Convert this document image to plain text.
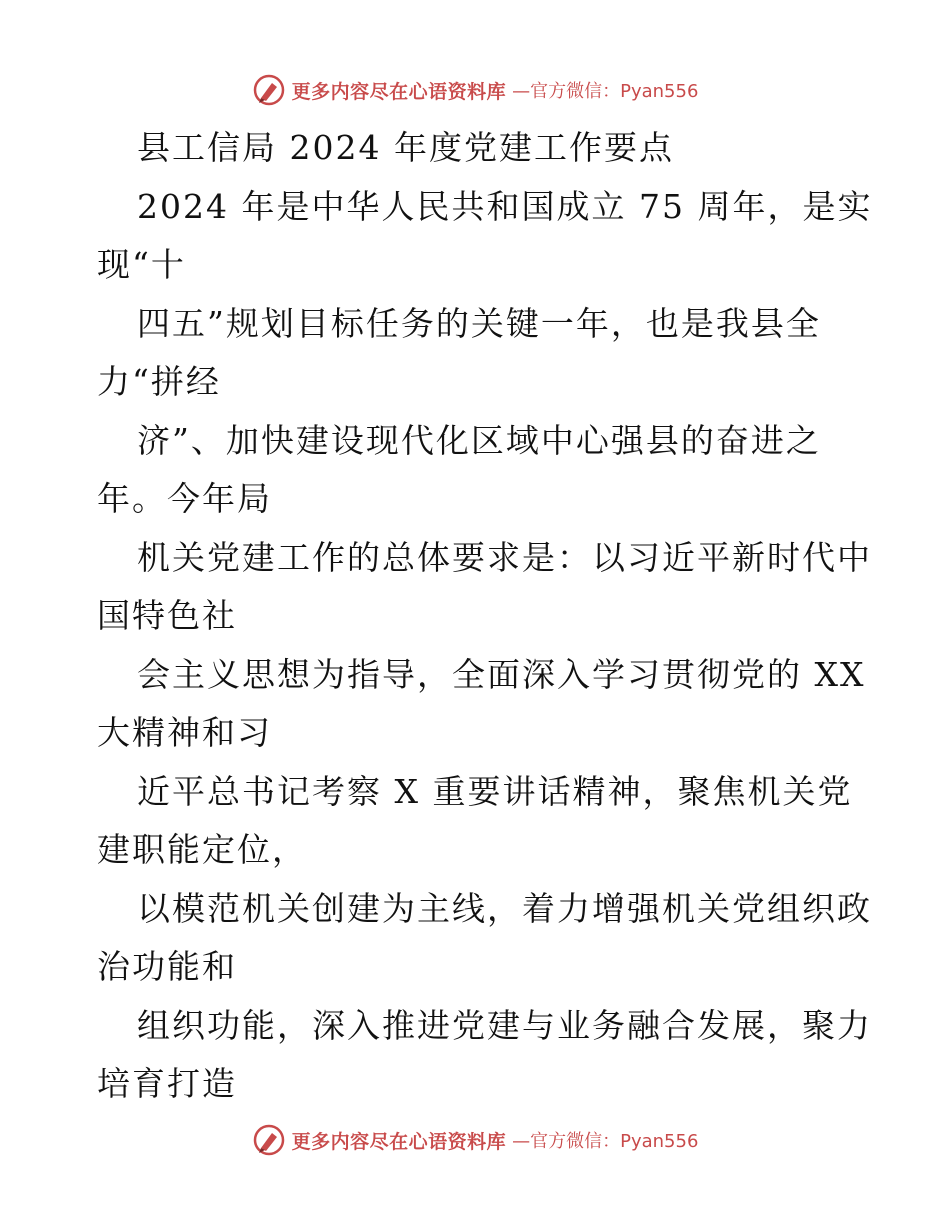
更多内容尽在心语资料库 —官方微信：Pyan556
县工信局 2024 年度党建工作要点
2024 年是中华人民共和国成立 75 周年，是实
现“十
四五”规划目标任务的关键一年，也是我县全
力“拼经
济”、加快建设现代化区域中心强县的奋进之
年。今年局
机关党建工作的总体要求是：以习近平新时代中
国特色社
会主义思想为指导，全面深入学习贯彻党的 XX
大精神和习
近平总书记考察 X 重要讲话精神，聚焦机关党
建职能定位，
以模范机关创建为主线，着力增强机关党组织政
治功能和
组织功能，深入推进党建与业务融合发展，聚力
培育打造
更多内容尽在心语资料库 —官方微信：Pyan556
